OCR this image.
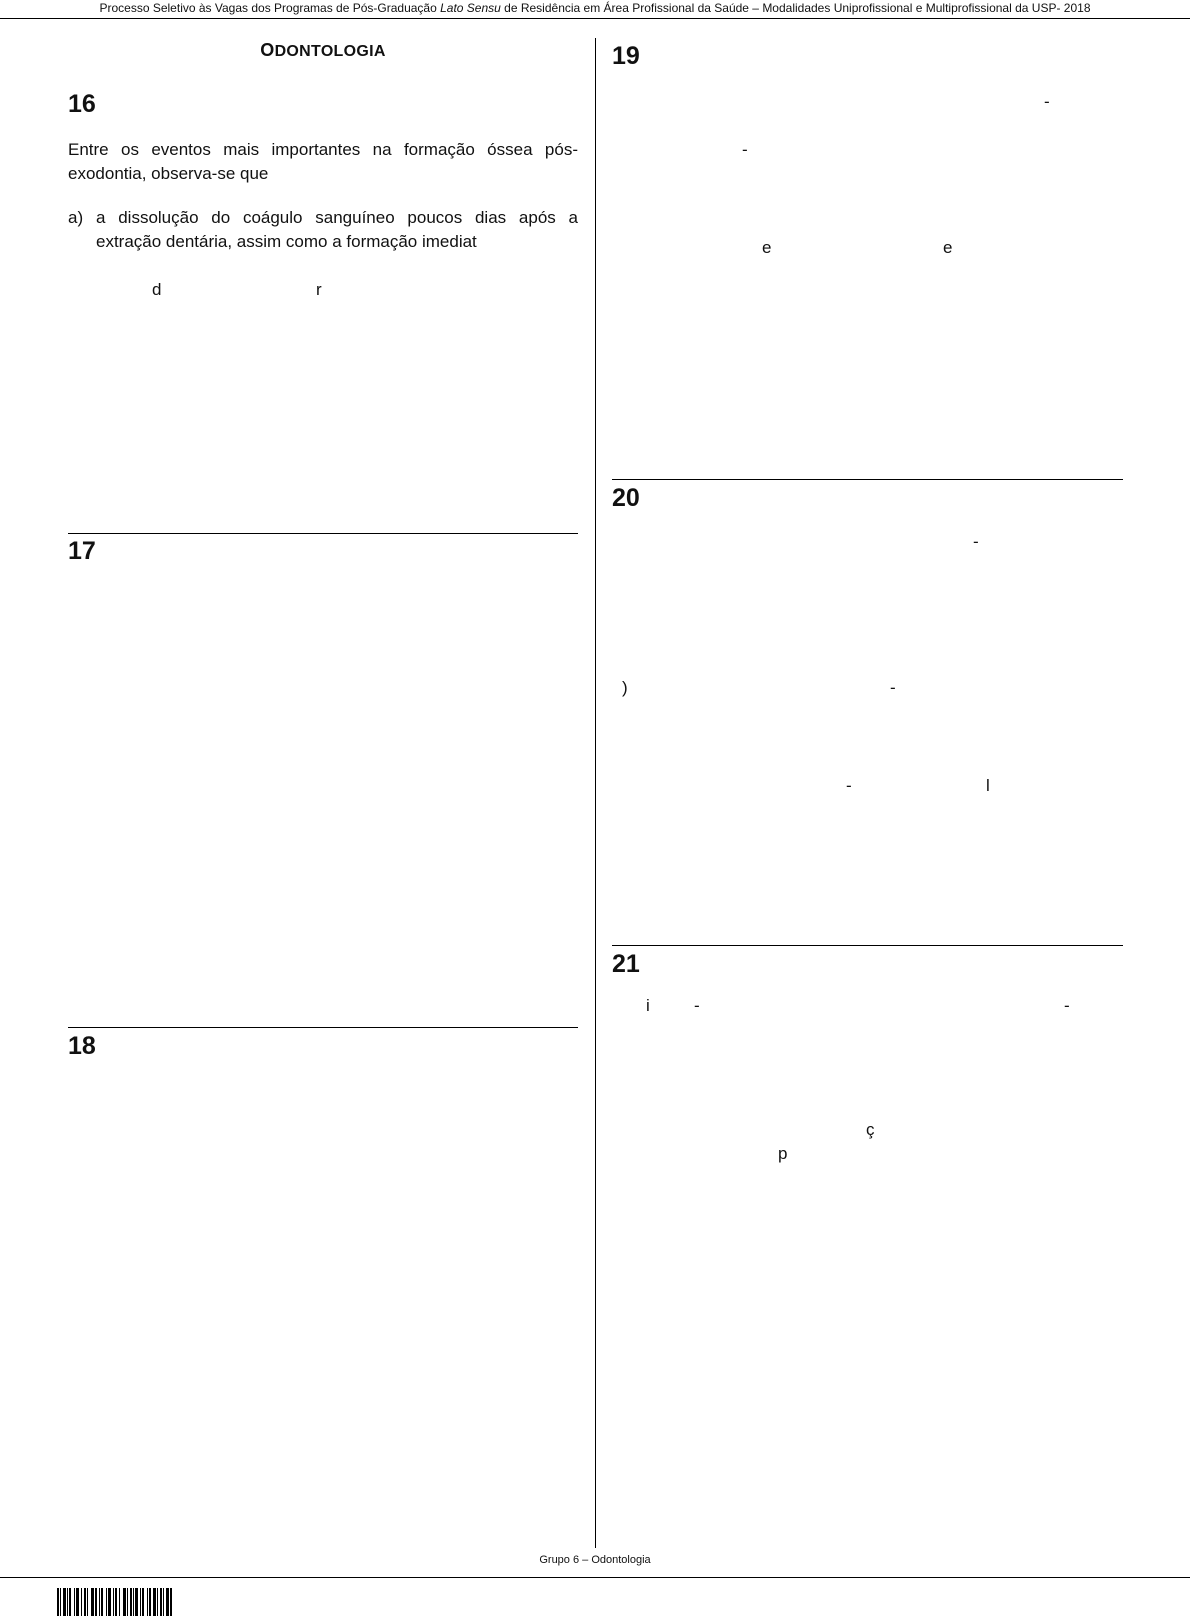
Processo Seletivo às Vagas dos Programas de Pós-Graduação Lato Sensu de Residência em Área Profissional da Saúde – Modalidades Uniprofissional e Multiprofissional da USP- 2018
ODONTOLOGIA
16
Entre os eventos mais importantes na formação óssea pós-exodontia, observa-se que
a) a dissolução do coágulo sanguíneo poucos dias após a extração dentária, assim como a formação imediat
d	r
17
18
19
-
-
e	e
20
-
)	-
-	l
21
i	-	-
ç
p
Grupo 6 – Odontologia
